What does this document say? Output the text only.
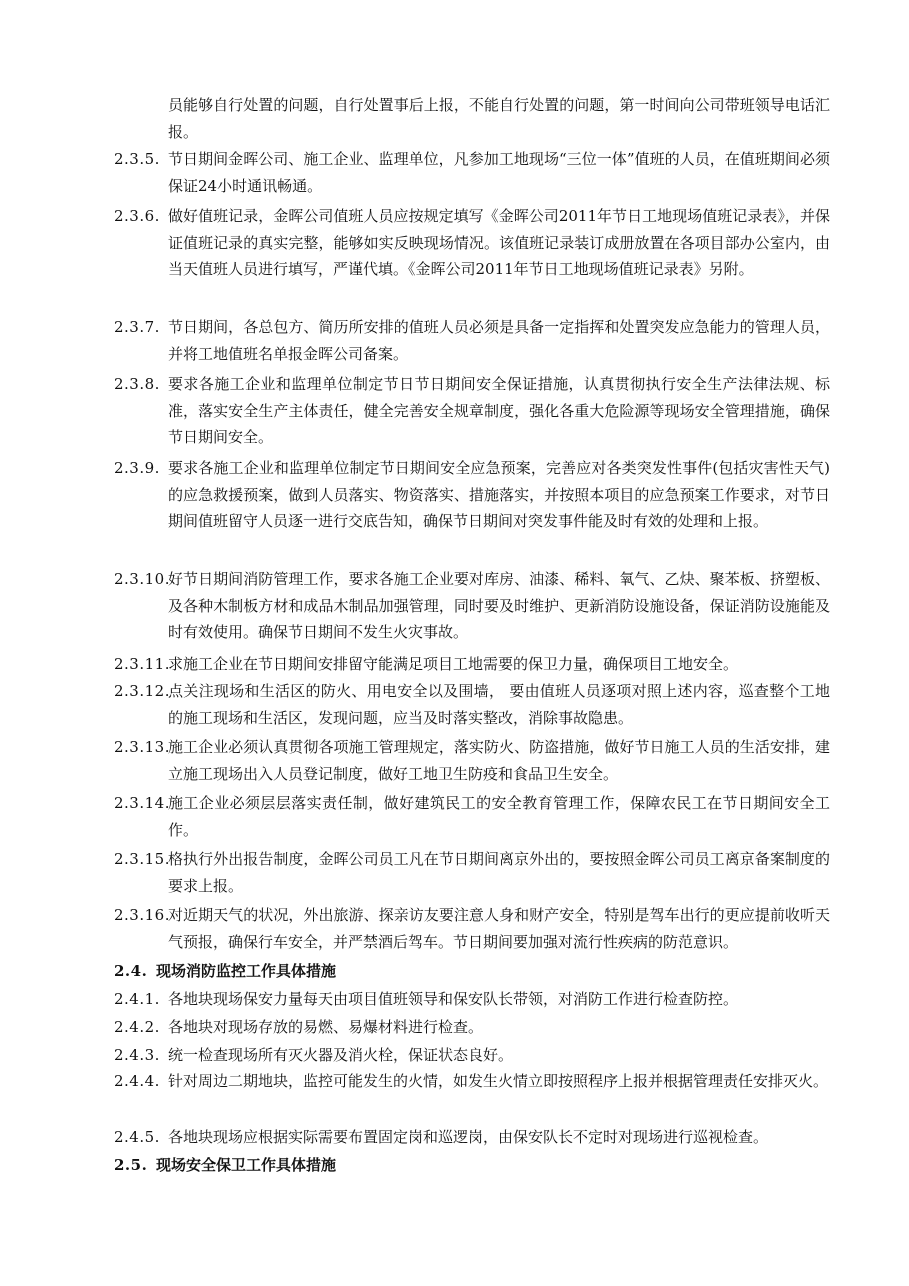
员能够自行处置的问题，自行处置事后上报，不能自行处置的问题，第一时间向公司带班领导电话汇报。
2.3.5. 节日期间金晖公司、施工企业、监理单位，凡参加工地现场“三位一体”值班的人员，在值班期间必须保证24小时通讯畅通。
2.3.6. 做好值班记录，金晖公司值班人员应按规定填写《金晖公司2011年节日工地现场值班记录表》，并保证值班记录的真实完整，能够如实反映现场情况。该值班记录装订成册放置在各项目部办公室内，由当天值班人员进行填写，严谨代填。《金晖公司2011年节日工地现场值班记录表》另附。
2.3.7. 节日期间，各总包方、简历所安排的值班人员必须是具备一定指挥和处置突发应急能力的管理人员，并将工地值班名单报金晖公司备案。
2.3.8. 要求各施工企业和监理单位制定节日节日期间安全保证措施，认真贯彻执行安全生产法律法规、标准，落实安全生产主体责任，健全完善安全规章制度，强化各重大危险源等现场安全管理措施，确保节日期间安全。
2.3.9. 要求各施工企业和监理单位制定节日期间安全应急预案，完善应对各类突发性事件(包括灾害性天气)的应急救援预案，做到人员落实、物资落实、措施落实，并按照本项目的应急预案工作要求，对节日期间值班留守人员逐一进行交底告知，确保节日期间对突发事件能及时有效的处理和上报。
2.3.10.
好节日期间消防管理工作，要求各施工企业要对库房、油漆、稀料、氧气、乙炔、聚苯板、挤塑板、及各种木制板方材和成品木制品加强管理，同时要及时维护、更新消防设施设备，保证消防设施能及时有效使用。确保节日期间不发生火灾事故。
2.3.11.
求施工企业在节日期间安排留守能满足项目工地需要的保卫力量，确保项目工地安全。
2.3.12.
点关注现场和生活区的防火、用电安全以及围墙， 要由值班人员逐项对照上述内容，巡查整个工地的施工现场和生活区，发现问题，应当及时落实整改，消除事故隐患。
2.3.13.
施工企业必须认真贯彻各项施工管理规定，落实防火、防盗措施，做好节日施工人员的生活安排，建立施工现场出入人员登记制度，做好工地卫生防疫和食品卫生安全。
2.3.14.
施工企业必须层层落实责任制，做好建筑民工的安全教育管理工作，保障农民工在节日期间安全工作。
2.3.15.
格执行外出报告制度，金晖公司员工凡在节日期间离京外出的，要按照金晖公司员工离京备案制度的要求上报。
2.3.16.
对近期天气的状况，外出旅游、探亲访友要注意人身和财产安全，特别是驾车出行的更应提前收听天气预报，确保行车安全，并严禁酒后驾车。节日期间要加强对流行性疾病的防范意识。
2.4. 现场消防监控工作具体措施
2.4.1. 各地块现场保安力量每天由项目值班领导和保安队长带领，对消防工作进行检查防控。
2.4.2. 各地块对现场存放的易燃、易爆材料进行检查。
2.4.3. 统一检查现场所有灭火器及消火栓，保证状态良好。
2.4.4. 针对周边二期地块，监控可能发生的火情，如发生火情立即按照程序上报并根据管理责任安排灭火。
2.4.5. 各地块现场应根据实际需要布置固定岗和巡逻岗，由保安队长不定时对现场进行巡视检查。
2.5. 现场安全保卫工作具体措施
